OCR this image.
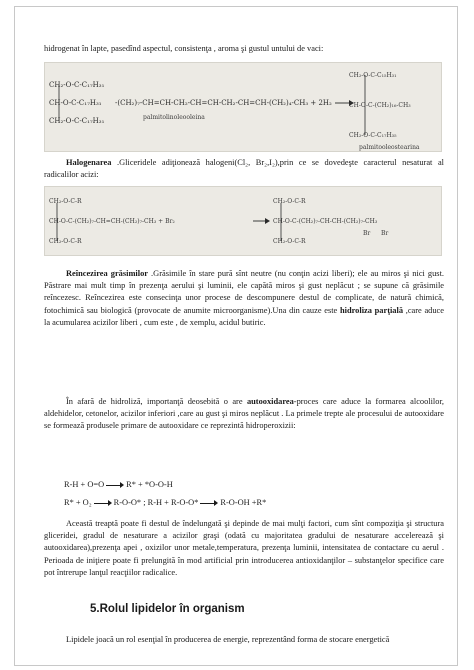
hidrogenat în lapte, pasedînd aspectul, consistenţa , aroma şi gustul untului de vaci:
CH₂-O-C-C₁₇H₃₁
CH-O-C-C₁₇H₃₁
CH₂-O-C-C₁₇H₃₁
-(CH₂)₇-CH=CH-CH₂-CH=CH-CH₂-CH=CH-(CH₂)₄-CH₃ + 2H₂
palmitolinoleooleina
CH₂-O-C-C₁₅H₃₁
CH-O-C-(CH₂)₁₆-CH₃
CH₂-O-C-C₁₇H₃₅
palmitooleostearina
Halogenarea .Gliceridele adiţionează halogeni(Cl₂, Br₂,I₂),prin ce se dovedeşte caracterul nesaturat al radicalilor acizi:
CH₂-O-C-R
CH-O-C-(CH₂)₇-CH=CH-(CH₂)₇-CH₃ + Br₂
CH₂-O-C-R
CH₂-O-C-R
CH-O-C-(CH₂)₇-CH-CH-(CH₂)₇-CH₃
CH₂-O-C-R
Br Br
Reîncezirea grăsimilor .Grăsimile în stare pură sînt neutre (nu conţin acizi liberi); ele au miros şi nici gust. Păstrare mai mult timp în prezenţa aerului şi luminii, ele capătă miros şi gust neplăcut ; se supune că grăsimile reîncezesc. Reîncezirea este consecinţa unor procese de descompunere destul de complicate, de natură chimică, fotochimică sau biologică (provocate de anumite microorganisme).Una din cauze este hidroliza parţială ,care aduce la acumularea acizilor liberi , cum este , de xemplu, acidul butiric.
În afară de hidroliză, importanţă deosebită o are autooxidarea-proces care aduce la formarea alcoolilor, aldehidelor, cetonelor, acizilor inferiori ,care au gust şi miros neplăcut . La primele trepte ale procesului de autooxidare se formează produsele primare de autooxidare ce reprezintă hidroperoxizii:
R-H + O=O	R* + *O-O-H
R* + O₂	R-O-O* ; R-H + R-O-O*	R-O-OH +R*
Această treaptă poate fi destul de îndelungată şi depinde de mai mulţi factori, cum sînt compoziţia şi structura gliceridei, gradul de nesaturare a acizilor graşi (odată cu majoritatea gradului de nesaturare accelerează şi autooxidarea),prezenţa apei , oxizilor unor metale,temperatura, prezenţa luminii, intensitatea de contactare cu aerul . Perioada de iniţiere poate fi prelungită în mod artificial prin introducerea antioxidanţilor – substanţelor specifice care pot întrerupe lanţul reacţiilor radicalice.
5.Rolul lipidelor în organism
Lipidele joacă un rol esenţial în producerea de energie, reprezentând forma de stocare energetică
